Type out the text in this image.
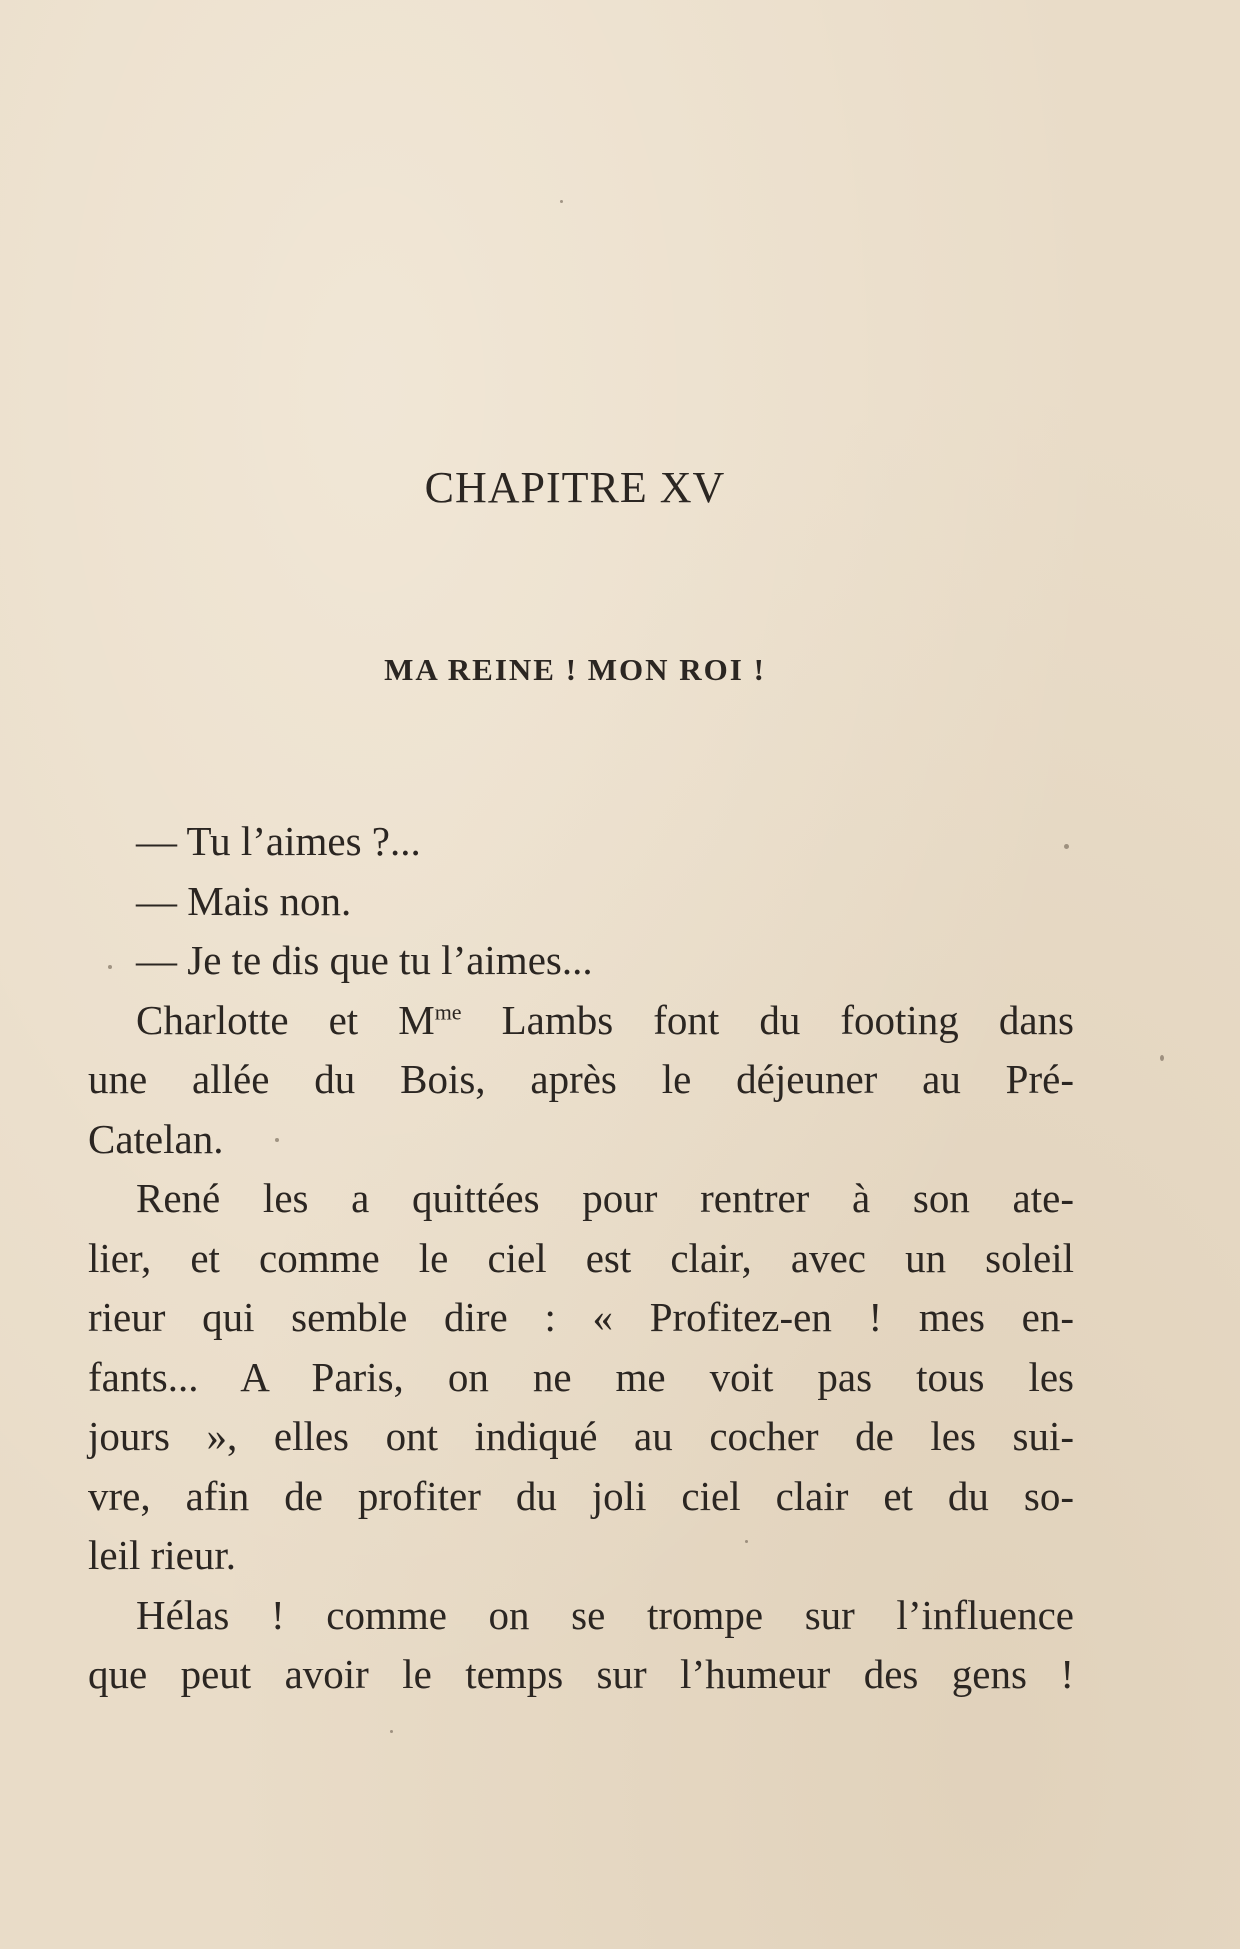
CHAPITRE XV
MA REINE ! MON ROI !
— Tu l’aimes ?...
— Mais non.
— Je te dis que tu l’aimes...
Charlotte et $M^{me}$ Lambs font du footing dans
une allée du Bois, après le déjeuner au Pré-
Catelan.
René les a quittées pour rentrer à son ate-
lier, et comme le ciel est clair, avec un soleil
rieur qui semble dire : « Profitez-en ! mes en-
fants... A Paris, on ne me voit pas tous les
jours », elles ont indiqué au cocher de les sui-
vre, afin de profiter du joli ciel clair et du so-
leil rieur.
Hélas ! comme on se trompe sur l’influence
que peut avoir le temps sur l’humeur des gens !
